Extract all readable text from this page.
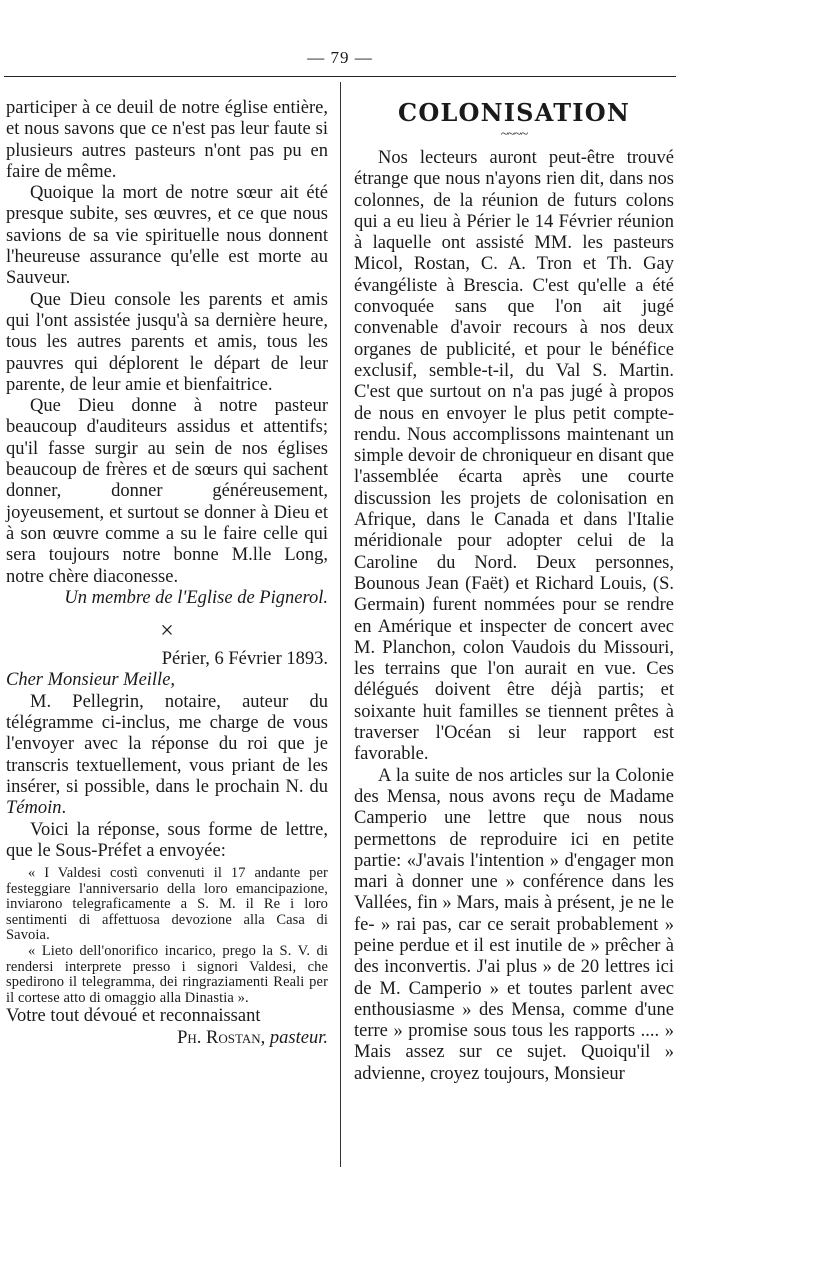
— 79 —

participer à ce deuil de notre église entière, et nous savons que ce n'est pas leur faute si plusieurs autres pasteurs n'ont pas pu en faire de même.

Quoique la mort de notre sœur ait été presque subite, ses œuvres, et ce que nous savions de sa vie spirituelle nous donnent l'heureuse assurance qu'elle est morte au Sauveur.

Que Dieu console les parents et amis qui l'ont assistée jusqu'à sa dernière heure, tous les autres parents et amis, tous les pauvres qui déplorent le départ de leur parente, de leur amie et bienfaitrice.

Que Dieu donne à notre pasteur beaucoup d'auditeurs assidus et attentifs; qu'il fasse surgir au sein de nos églises beaucoup de frères et de sœurs qui sachent donner, donner généreusement, joyeusement, et surtout se donner à Dieu et à son œuvre comme a su le faire celle qui sera toujours notre bonne M.lle Long, notre chère diaconesse.

Un membre de l'Eglise de Pignerol.

×

Périer, 6 Février 1893.

Cher Monsieur Meille,

M. Pellegrin, notaire, auteur du télégramme ci-inclus, me charge de vous l'envoyer avec la réponse du roi que je transcris textuellement, vous priant de les insérer, si possible, dans le prochain N. du Témoin.

Voici la réponse, sous forme de lettre, que le Sous-Préfet a envoyée:

« I Valdesi costì convenuti il 17 andante per festeggiare l'anniversario della loro emancipazione, inviarono telegraficamente a S. M. il Re i loro sentimenti di affettuosa devozione alla Casa di Savoia.

« Lieto dell'onorifico incarico, prego la S. V. di rendersi interprete presso i signori Valdesi, che spedirono il telegramma, dei ringraziamenti Reali per il cortese atto di omaggio alla Dinastia ».

Votre tout dévoué et reconnaissant

Ph. Rostan, pasteur.

COLONISATION
~~~~

Nos lecteurs auront peut-être trouvé étrange que nous n'ayons rien dit, dans nos colonnes, de la réunion de futurs colons qui a eu lieu à Périer le 14 Février réunion à laquelle ont assisté MM. les pasteurs Micol, Rostan, C. A. Tron et Th. Gay évangéliste à Brescia. C'est qu'elle a été convoquée sans que l'on ait jugé convenable d'avoir recours à nos deux organes de publicité, et pour le bénéfice exclusif, semble-t-il, du Val S. Martin. C'est que surtout on n'a pas jugé à propos de nous en envoyer le plus petit compte-rendu. Nous accomplissons maintenant un simple devoir de chroniqueur en disant que l'assemblée écarta après une courte discussion les projets de colonisation en Afrique, dans le Canada et dans l'Italie méridionale pour adopter celui de la Caroline du Nord. Deux personnes, Bounous Jean (Faët) et Richard Louis, (S. Germain) furent nommées pour se rendre en Amérique et inspecter de concert avec M. Planchon, colon Vaudois du Missouri, les terrains que l'on aurait en vue. Ces délégués doivent être déjà partis; et soixante huit familles se tiennent prêtes à traverser l'Océan si leur rapport est favorable.

A la suite de nos articles sur la Colonie des Mensa, nous avons reçu de Madame Camperio une lettre que nous nous permettons de reproduire ici en petite partie: «J'avais l'intention » d'engager mon mari à donner une » conférence dans les Vallées, fin » Mars, mais à présent, je ne le fe- » rai pas, car ce serait probablement » peine perdue et il est inutile de » prêcher à des inconvertis. J'ai plus » de 20 lettres ici de M. Camperio » et toutes parlent avec enthousiasme » des Mensa, comme d'une terre » promise sous tous les rapports .... » Mais assez sur ce sujet. Quoiqu'il » advienne, croyez toujours, Monsieur
